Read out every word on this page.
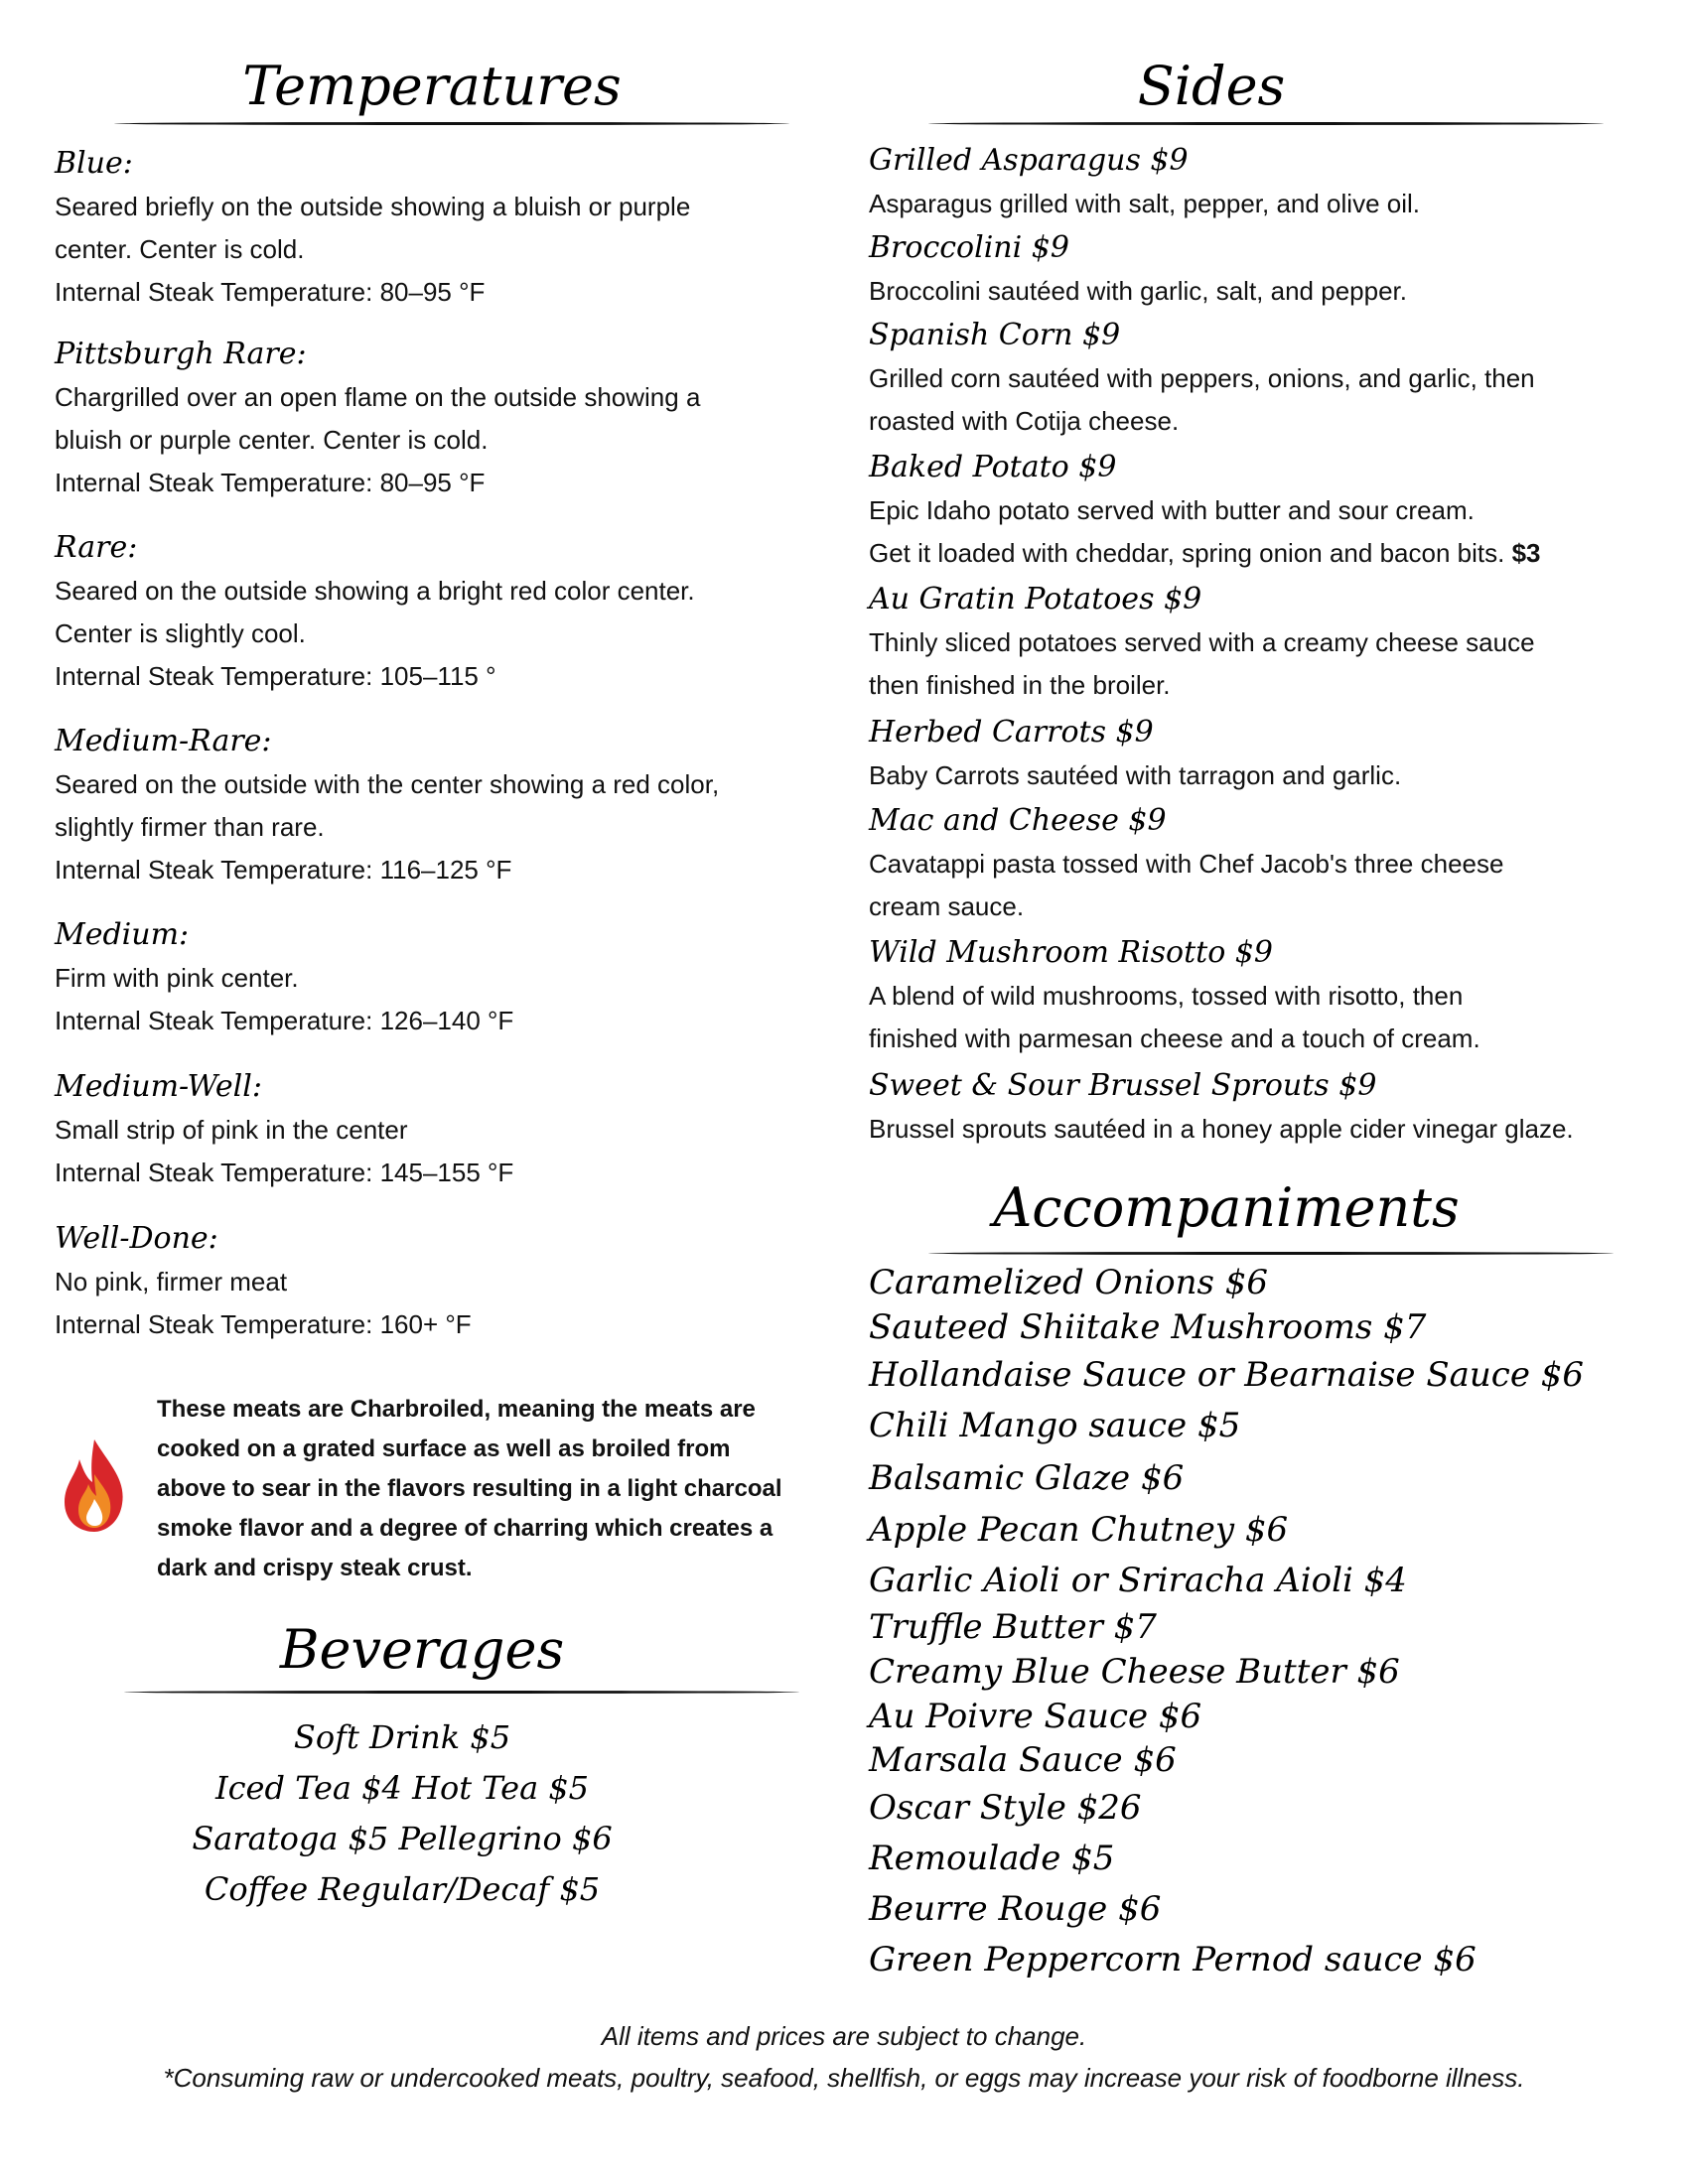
Temperatures

Blue:

Seared briefly on the outside showing a bluish or purple

center. Center is cold.

Internal Steak Temperature: 80–95 °F

Pittsburgh Rare:

Chargrilled over an open flame on the outside showing a

bluish or purple center. Center is cold.

Internal Steak Temperature: 80–95 °F

Rare:

Seared on the outside showing a bright red color center.

Center is slightly cool.

Internal Steak Temperature: 105–115 °

Medium-Rare:

Seared on the outside with the center showing a red color,

slightly firmer than rare.

Internal Steak Temperature: 116–125 °F

Medium:

Firm with pink center.

Internal Steak Temperature: 126–140 °F

Medium-Well:

Small strip of pink in the center

Internal Steak Temperature: 145–155 °F

Well-Done:

No pink, firmer meat

Internal Steak Temperature: 160+ °F

These meats are Charbroiled, meaning the meats are cooked on a grated surface as well as broiled from above to sear in the flavors resulting in a light charcoal smoke flavor and a degree of charring which creates a dark and crispy steak crust.

Beverages

Soft Drink $5

Iced Tea $4 Hot Tea $5

Saratoga $5 Pellegrino $6

Coffee Regular/Decaf $5

Sides

Grilled Asparagus $9

Asparagus grilled with salt, pepper, and olive oil.

Broccolini $9

Broccolini sautéed with garlic, salt, and pepper.

Spanish Corn $9

Grilled corn sautéed with peppers, onions, and garlic, then

roasted with Cotija cheese.

Baked Potato $9

Epic Idaho potato served with butter and sour cream.

Get it loaded with cheddar, spring onion and bacon bits. $3

Au Gratin Potatoes $9

Thinly sliced potatoes served with a creamy cheese sauce

then finished in the broiler.

Herbed Carrots $9

Baby Carrots sautéed with tarragon and garlic.

Mac and Cheese $9

Cavatappi pasta tossed with Chef Jacob's three cheese

cream sauce.

Wild Mushroom Risotto $9

A blend of wild mushrooms, tossed with risotto, then

finished with parmesan cheese and a touch of cream.

Sweet & Sour Brussel Sprouts $9

Brussel sprouts sautéed in a honey apple cider vinegar glaze.

Accompaniments

Caramelized Onions $6

Sauteed Shiitake Mushrooms $7

Hollandaise Sauce or Bearnaise Sauce $6

Chili Mango sauce $5

Balsamic Glaze $6

Apple Pecan Chutney $6

Garlic Aioli or Sriracha Aioli $4

Truffle Butter $7

Creamy Blue Cheese Butter $6

Au Poivre Sauce $6

Marsala Sauce $6

Oscar Style $26

Remoulade $5

Beurre Rouge $6

Green Peppercorn Pernod sauce $6

All items and prices are subject to change.

*Consuming raw or undercooked meats, poultry, seafood, shellfish, or eggs may increase your risk of foodborne illness.
